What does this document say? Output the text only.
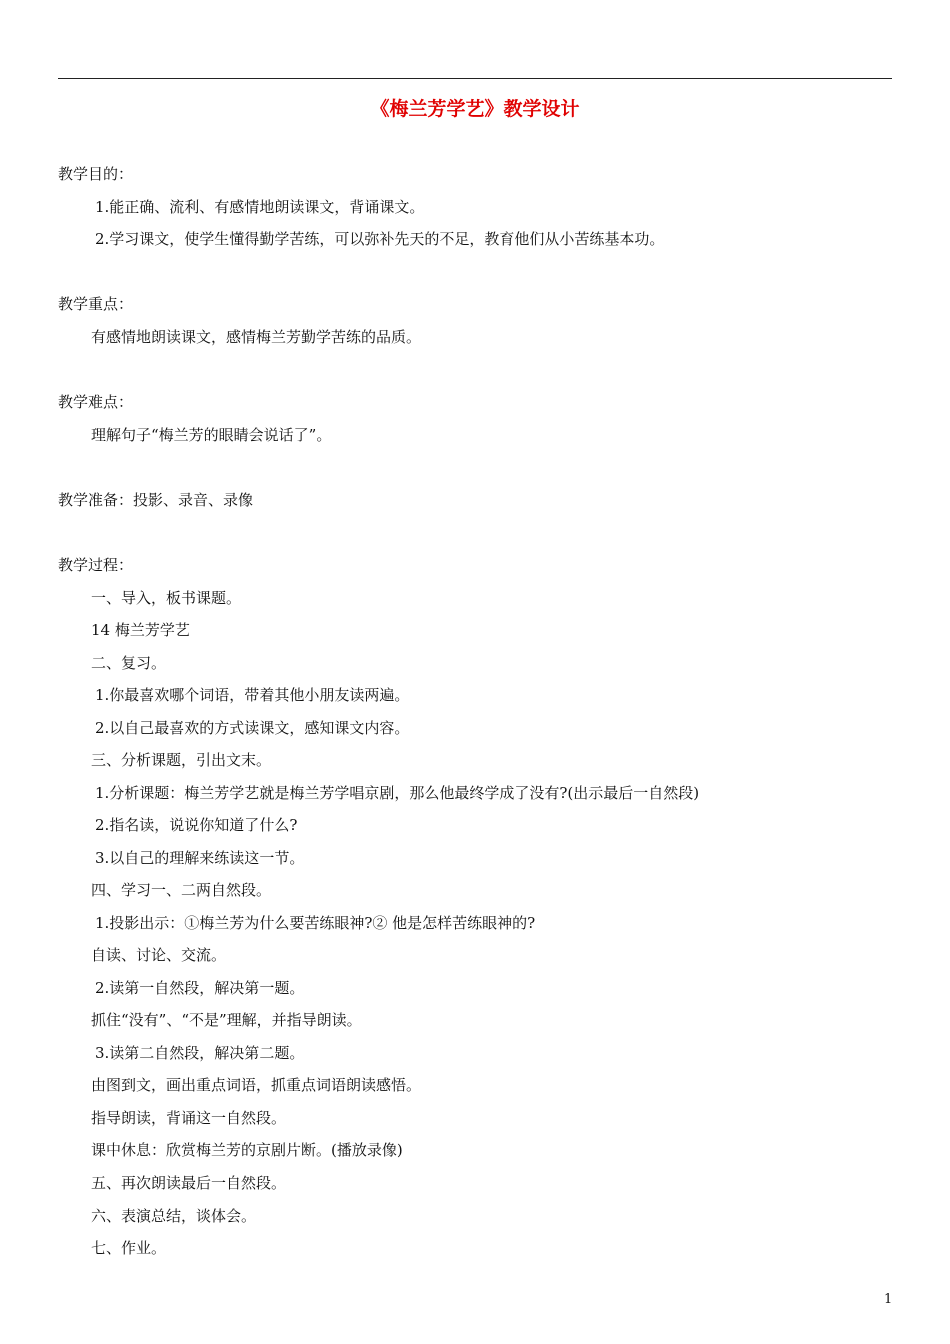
《梅兰芳学艺》教学设计
教学目的：
1.能正确、流利、有感情地朗读课文，背诵课文。
2.学习课文，使学生懂得勤学苦练，可以弥补先天的不足，教育他们从小苦练基本功。
教学重点：
有感情地朗读课文，感情梅兰芳勤学苦练的品质。
教学难点：
理解句子“梅兰芳的眼睛会说话了”。
教学准备：投影、录音、录像
教学过程：
一、导入，板书课题。
14 梅兰芳学艺
二、复习。
1.你最喜欢哪个词语，带着其他小朋友读两遍。
2.以自己最喜欢的方式读课文，感知课文内容。
三、分析课题，引出文末。
1.分析课题：梅兰芳学艺就是梅兰芳学唱京剧，那么他最终学成了没有?(出示最后一自然段)
2.指名读，说说你知道了什么?
3.以自己的理解来练读这一节。
四、学习一、二两自然段。
1.投影出示：①梅兰芳为什么要苦练眼神?② 他是怎样苦练眼神的?
自读、讨论、交流。
2.读第一自然段，解决第一题。
抓住“没有”、“不是”理解，并指导朗读。
3.读第二自然段，解决第二题。
由图到文，画出重点词语，抓重点词语朗读感悟。
指导朗读，背诵这一自然段。
课中休息：欣赏梅兰芳的京剧片断。(播放录像)
五、再次朗读最后一自然段。
六、表演总结，谈体会。
七、作业。
1
